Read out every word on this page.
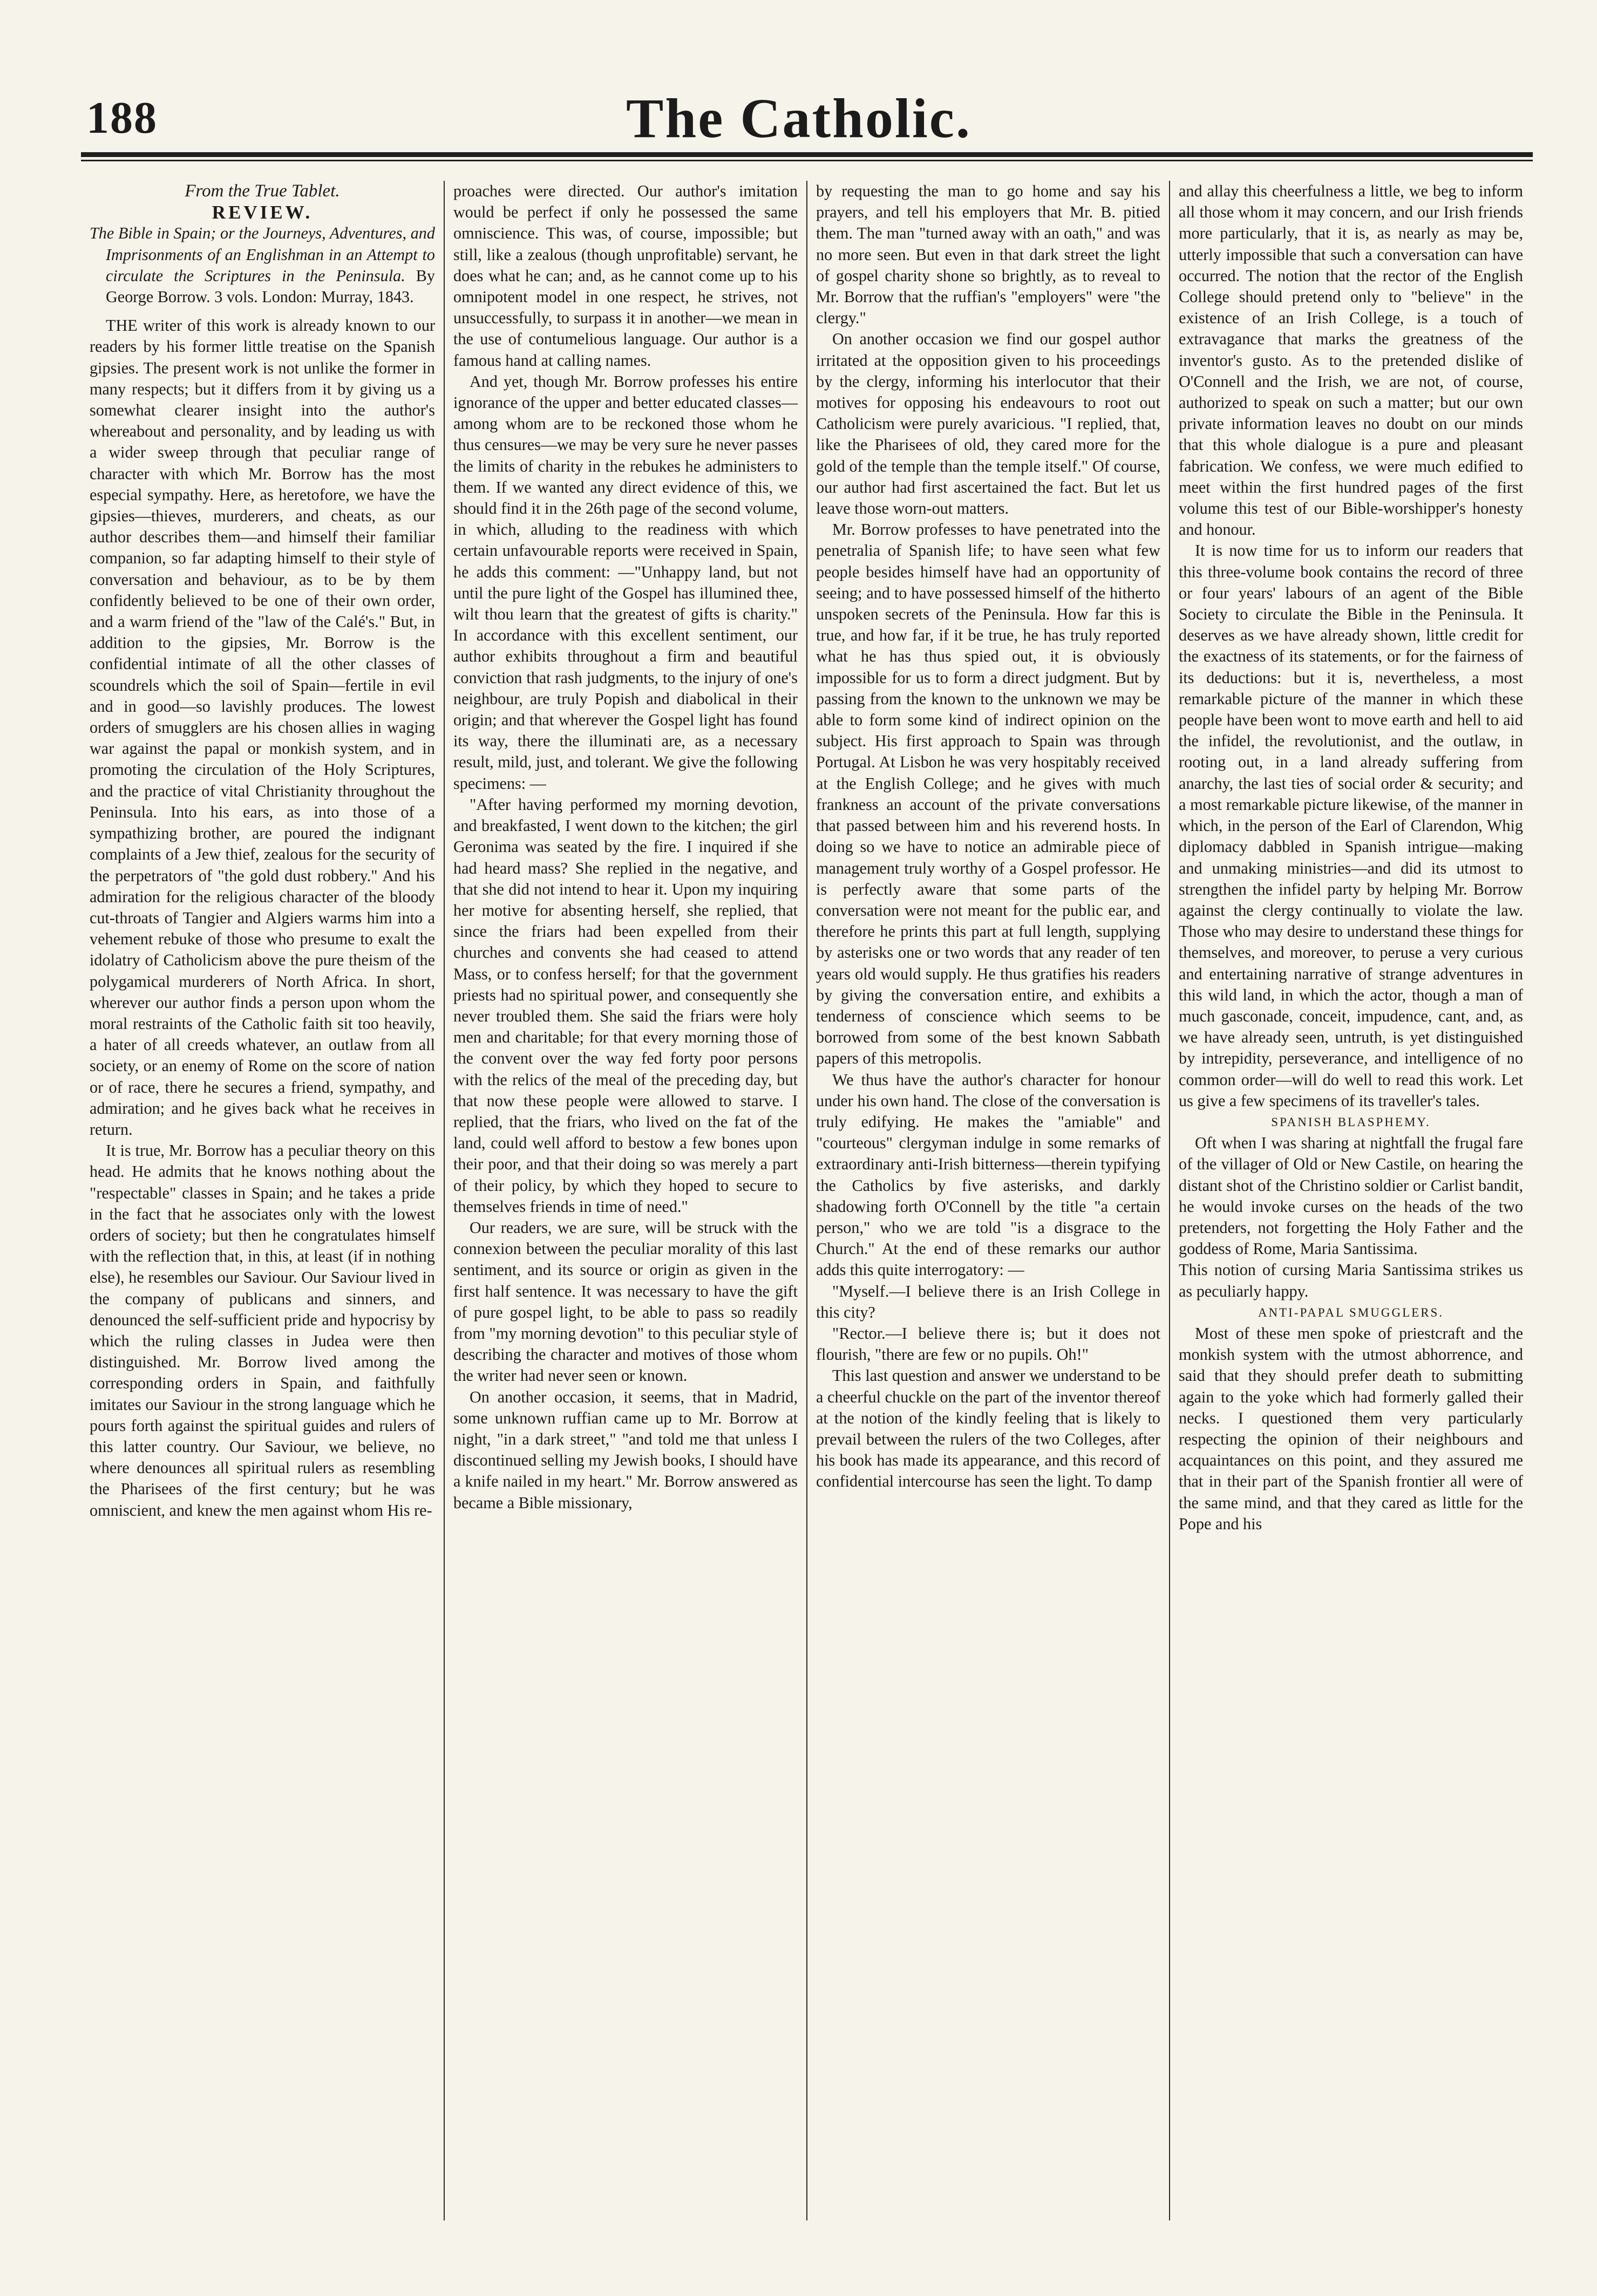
188	The Catholic.

From the True Tablet.

REVIEW.

The Bible in Spain; or the Journeys, Adventures, and Imprisonments of an Englishman in an Attempt to circulate the Scriptures in the Peninsula. By George Borrow. 3 vols. London: Murray, 1843.

THE writer of this work is already known to our readers by his former little treatise on the Spanish gipsies. The present work is not unlike the former in many respects; but it differs from it by giving us a somewhat clearer insight into the author's whereabout and personality, and by leading us with a wider sweep through that peculiar range of character with which Mr. Borrow has the most especial sympathy. Here, as heretofore, we have the gipsies—thieves, murderers, and cheats, as our author describes them—and himself their familiar companion, so far adapting himself to their style of conversation and behaviour, as to be by them confidently believed to be one of their own order, and a warm friend of the "law of the Calé's." But, in addition to the gipsies, Mr. Borrow is the confidential intimate of all the other classes of scoundrels which the soil of Spain—fertile in evil and in good—so lavishly produces. The lowest orders of smugglers are his chosen allies in waging war against the papal or monkish system, and in promoting the circulation of the Holy Scriptures, and the practice of vital Christianity throughout the Peninsula. Into his ears, as into those of a sympathizing brother, are poured the indignant complaints of a Jew thief, zealous for the security of the perpetrators of "the gold dust robbery." And his admiration for the religious character of the bloody cut-throats of Tangier and Algiers warms him into a vehement rebuke of those who presume to exalt the idolatry of Catholicism above the pure theism of the polygamical murderers of North Africa. In short, wherever our author finds a person upon whom the moral restraints of the Catholic faith sit too heavily, a hater of all creeds whatever, an outlaw from all society, or an enemy of Rome on the score of nation or of race, there he secures a friend, sympathy, and admiration; and he gives back what he receives in return.

It is true, Mr. Borrow has a peculiar theory on this head. He admits that he knows nothing about the "respectable" classes in Spain; and he takes a pride in the fact that he associates only with the lowest orders of society; but then he congratulates himself with the reflection that, in this, at least (if in nothing else), he resembles our Saviour. Our Saviour lived in the company of publicans and sinners, and denounced the self-sufficient pride and hypocrisy by which the ruling classes in Judea were then distinguished. Mr. Borrow lived among the corresponding orders in Spain, and faithfully imitates our Saviour in the strong language which he pours forth against the spiritual guides and rulers of this latter country. Our Saviour, we believe, no where denounces all spiritual rulers as resembling the Pharisees of the first century; but he was omniscient, and knew the men against whom His re-

proaches were directed. Our author's imitation would be perfect if only he possessed the same omniscience. This was, of course, impossible; but still, like a zealous (though unprofitable) servant, he does what he can; and, as he cannot come up to his omnipotent model in one respect, he strives, not unsuccessfully, to surpass it in another—we mean in the use of contumelious language. Our author is a famous hand at calling names.

And yet, though Mr. Borrow professes his entire ignorance of the upper and better educated classes—among whom are to be reckoned those whom he thus censures—we may be very sure he never passes the limits of charity in the rebukes he administers to them. If we wanted any direct evidence of this, we should find it in the 26th page of the second volume, in which, alluding to the readiness with which certain unfavourable reports were received in Spain, he adds this comment: —"Unhappy land, but not until the pure light of the Gospel has illumined thee, wilt thou learn that the greatest of gifts is charity." In accordance with this excellent sentiment, our author exhibits throughout a firm and beautiful conviction that rash judgments, to the injury of one's neighbour, are truly Popish and diabolical in their origin; and that wherever the Gospel light has found its way, there the illuminati are, as a necessary result, mild, just, and tolerant. We give the following specimens: —

"After having performed my morning devotion, and breakfasted, I went down to the kitchen; the girl Geronima was seated by the fire. I inquired if she had heard mass? She replied in the negative, and that she did not intend to hear it. Upon my inquiring her motive for absenting herself, she replied, that since the friars had been expelled from their churches and convents she had ceased to attend Mass, or to confess herself; for that the government priests had no spiritual power, and consequently she never troubled them. She said the friars were holy men and charitable; for that every morning those of the convent over the way fed forty poor persons with the relics of the meal of the preceding day, but that now these people were allowed to starve. I replied, that the friars, who lived on the fat of the land, could well afford to bestow a few bones upon their poor, and that their doing so was merely a part of their policy, by which they hoped to secure to themselves friends in time of need."

Our readers, we are sure, will be struck with the connexion between the peculiar morality of this last sentiment, and its source or origin as given in the first half sentence. It was necessary to have the gift of pure gospel light, to be able to pass so readily from "my morning devotion" to this peculiar style of describing the character and motives of those whom the writer had never seen or known.

On another occasion, it seems, that in Madrid, some unknown ruffian came up to Mr. Borrow at night, "in a dark street," "and told me that unless I discontinued selling my Jewish books, I should have a knife nailed in my heart." Mr. Borrow answered as became a Bible missionary,

by requesting the man to go home and say his prayers, and tell his employers that Mr. B. pitied them. The man "turned away with an oath," and was no more seen. But even in that dark street the light of gospel charity shone so brightly, as to reveal to Mr. Borrow that the ruffian's "employers" were "the clergy."

On another occasion we find our gospel author irritated at the opposition given to his proceedings by the clergy, informing his interlocutor that their motives for opposing his endeavours to root out Catholicism were purely avaricious. "I replied, that, like the Pharisees of old, they cared more for the gold of the temple than the temple itself." Of course, our author had first ascertained the fact. But let us leave those worn-out matters.

Mr. Borrow professes to have penetrated into the penetralia of Spanish life; to have seen what few people besides himself have had an opportunity of seeing; and to have possessed himself of the hitherto unspoken secrets of the Peninsula. How far this is true, and how far, if it be true, he has truly reported what he has thus spied out, it is obviously impossible for us to form a direct judgment. But by passing from the known to the unknown we may be able to form some kind of indirect opinion on the subject. His first approach to Spain was through Portugal. At Lisbon he was very hospitably received at the English College; and he gives with much frankness an account of the private conversations that passed between him and his reverend hosts. In doing so we have to notice an admirable piece of management truly worthy of a Gospel professor. He is perfectly aware that some parts of the conversation were not meant for the public ear, and therefore he prints this part at full length, supplying by asterisks one or two words that any reader of ten years old would supply. He thus gratifies his readers by giving the conversation entire, and exhibits a tenderness of conscience which seems to be borrowed from some of the best known Sabbath papers of this metropolis.

We thus have the author's character for honour under his own hand. The close of the conversation is truly edifying. He makes the "amiable" and "courteous" clergyman indulge in some remarks of extraordinary anti-Irish bitterness—therein typifying the Catholics by five asterisks, and darkly shadowing forth O'Connell by the title "a certain person," who we are told "is a disgrace to the Church." At the end of these remarks our author adds this quite interrogatory: —

"Myself.—I believe there is an Irish College in this city?

"Rector.—I believe there is; but it does not flourish, "there are few or no pupils. Oh!"

This last question and answer we understand to be a cheerful chuckle on the part of the inventor thereof at the notion of the kindly feeling that is likely to prevail between the rulers of the two Colleges, after his book has made its appearance, and this record of confidential intercourse has seen the light. To damp

and allay this cheerfulness a little, we beg to inform all those whom it may concern, and our Irish friends more particularly, that it is, as nearly as may be, utterly impossible that such a conversation can have occurred. The notion that the rector of the English College should pretend only to "believe" in the existence of an Irish College, is a touch of extravagance that marks the greatness of the inventor's gusto. As to the pretended dislike of O'Connell and the Irish, we are not, of course, authorized to speak on such a matter; but our own private information leaves no doubt on our minds that this whole dialogue is a pure and pleasant fabrication. We confess, we were much edified to meet within the first hundred pages of the first volume this test of our Bible-worshipper's honesty and honour.

It is now time for us to inform our readers that this three-volume book contains the record of three or four years' labours of an agent of the Bible Society to circulate the Bible in the Peninsula. It deserves as we have already shown, little credit for the exactness of its statements, or for the fairness of its deductions: but it is, nevertheless, a most remarkable picture of the manner in which these people have been wont to move earth and hell to aid the infidel, the revolutionist, and the outlaw, in rooting out, in a land already suffering from anarchy, the last ties of social order & security; and a most remarkable picture likewise, of the manner in which, in the person of the Earl of Clarendon, Whig diplomacy dabbled in Spanish intrigue—making and unmaking ministries—and did its utmost to strengthen the infidel party by helping Mr. Borrow against the clergy continually to violate the law. Those who may desire to understand these things for themselves, and moreover, to peruse a very curious and entertaining narrative of strange adventures in this wild land, in which the actor, though a man of much gasconade, conceit, impudence, cant, and, as we have already seen, untruth, is yet distinguished by intrepidity, perseverance, and intelligence of no common order—will do well to read this work. Let us give a few specimens of its traveller's tales.

SPANISH BLASPHEMY.

Oft when I was sharing at nightfall the frugal fare of the villager of Old or New Castile, on hearing the distant shot of the Christino soldier or Carlist bandit, he would invoke curses on the heads of the two pretenders, not forgetting the Holy Father and the goddess of Rome, Maria Santissima.

This notion of cursing Maria Santissima strikes us as peculiarly happy.

ANTI-PAPAL SMUGGLERS.

Most of these men spoke of priestcraft and the monkish system with the utmost abhorrence, and said that they should prefer death to submitting again to the yoke which had formerly galled their necks. I questioned them very particularly respecting the opinion of their neighbours and acquaintances on this point, and they assured me that in their part of the Spanish frontier all were of the same mind, and that they cared as little for the Pope and his
